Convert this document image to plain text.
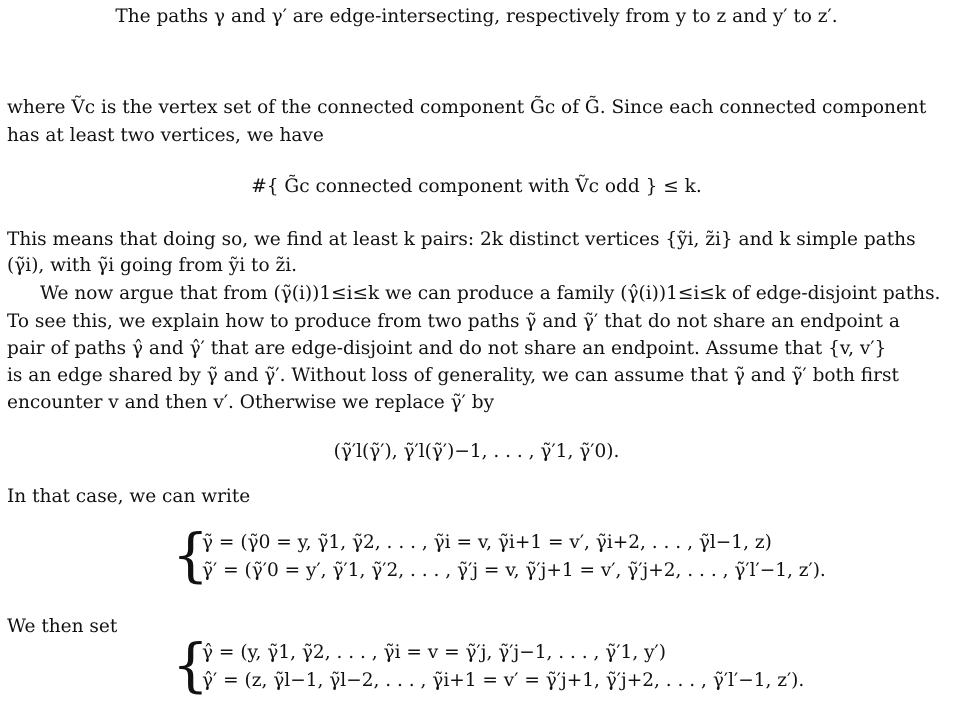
The paths γ and γ′ are edge-intersecting, respectively from y to z and y′ to z′.
where Ṽc is the vertex set of the connected component G̃c of G̃. Since each connected component
has at least two vertices, we have
#{ G̃c connected component with Ṽc odd } ≤ k.
This means that doing so, we find at least k pairs: 2k distinct vertices {ỹi, z̃i} and k simple paths
(γ̃i), with γ̃i going from ỹi to z̃i.
We now argue that from (γ̃(i))1≤i≤k we can produce a family (γ̂(i))1≤i≤k of edge-disjoint paths.
To see this, we explain how to produce from two paths γ̃ and γ̃′ that do not share an endpoint a
pair of paths γ̂ and γ̂′ that are edge-disjoint and do not share an endpoint. Assume that {v, v′}
is an edge shared by γ̃ and γ̃′. Without loss of generality, we can assume that γ̃ and γ̃′ both first
encounter v and then v′. Otherwise we replace γ̃′ by
(γ̃′l(γ̃′), γ̃′l(γ̃′)−1, . . . , γ̃′1, γ̃′0).
In that case, we can write
{
γ̃ = (γ̃0 = y, γ̃1, γ̃2, . . . , γ̃i = v, γ̃i+1 = v′, γ̃i+2, . . . , γ̃l−1, z)
γ̃′ = (γ̃′0 = y′, γ̃′1, γ̃′2, . . . , γ̃′j = v, γ̃′j+1 = v′, γ̃′j+2, . . . , γ̃′l′−1, z′).
We then set
{
γ̂ = (y, γ̃1, γ̃2, . . . , γ̃i = v = γ̃′j, γ̃′j−1, . . . , γ̃′1, y′)
γ̂′ = (z, γ̃l−1, γ̃l−2, . . . , γ̃i+1 = v′ = γ̃′j+1, γ̃′j+2, . . . , γ̃′l′−1, z′).
